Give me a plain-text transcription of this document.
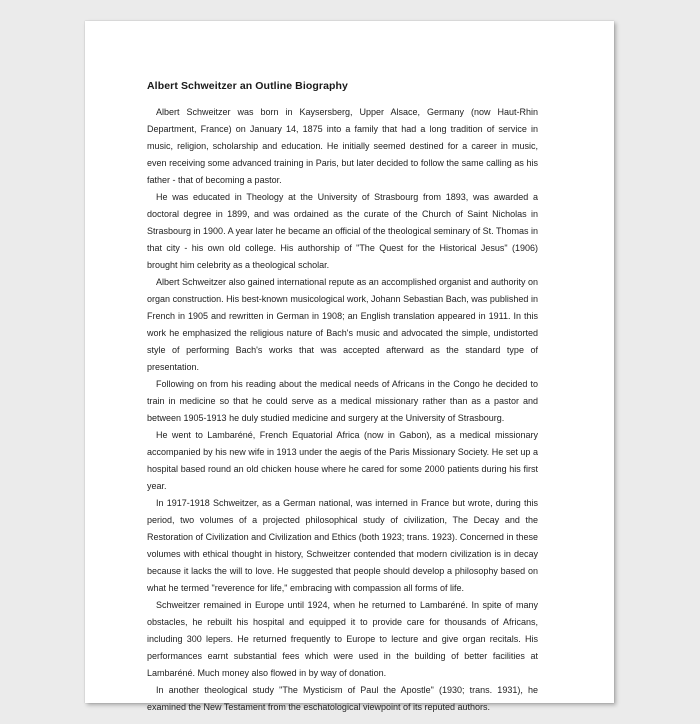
Albert Schweitzer an Outline Biography

Albert Schweitzer was born in Kaysersberg, Upper Alsace, Germany (now Haut-Rhin Department, France) on January 14, 1875 into a family that had a long tradition of service in music, religion, scholarship and education. He initially seemed destined for a career in music, even receiving some advanced training in Paris, but later decided to follow the same calling as his father - that of becoming a pastor.

He was educated in Theology at the University of Strasbourg from 1893, was awarded a doctoral degree in 1899, and was ordained as the curate of the Church of Saint Nicholas in Strasbourg in 1900. A year later he became an official of the theological seminary of St. Thomas in that city - his own old college. His authorship of "The Quest for the Historical Jesus" (1906) brought him celebrity as a theological scholar.

Albert Schweitzer also gained international repute as an accomplished organist and authority on organ construction. His best-known musicological work, Johann Sebastian Bach, was published in French in 1905 and rewritten in German in 1908; an English translation appeared in 1911. In this work he emphasized the religious nature of Bach's music and advocated the simple, undistorted style of performing Bach's works that was accepted afterward as the standard type of presentation.

Following on from his reading about the medical needs of Africans in the Congo he decided to train in medicine so that he could serve as a medical missionary rather than as a pastor and between 1905-1913 he duly studied medicine and surgery at the University of Strasbourg.

He went to Lambaréné, French Equatorial Africa (now in Gabon), as a medical missionary accompanied by his new wife in 1913 under the aegis of the Paris Missionary Society. He set up a hospital based round an old chicken house where he cared for some 2000 patients during his first year.

In 1917-1918 Schweitzer, as a German national, was interned in France but wrote, during this period, two volumes of a projected philosophical study of civilization, The Decay and the Restoration of Civilization and Civilization and Ethics (both 1923; trans. 1923). Concerned in these volumes with ethical thought in history, Schweitzer contended that modern civilization is in decay because it lacks the will to love. He suggested that people should develop a philosophy based on what he termed "reverence for life," embracing with compassion all forms of life.

Schweitzer remained in Europe until 1924, when he returned to Lambaréné. In spite of many obstacles, he rebuilt his hospital and equipped it to provide care for thousands of Africans, including 300 lepers. He returned frequently to Europe to lecture and give organ recitals. His performances earnt substantial fees which were used in the building of better facilities at Lambaréné. Much money also flowed in by way of donation.

In another theological study "The Mysticism of Paul the Apostle" (1930; trans. 1931), he examined the New Testament from the eschatological viewpoint of its reputed authors.
